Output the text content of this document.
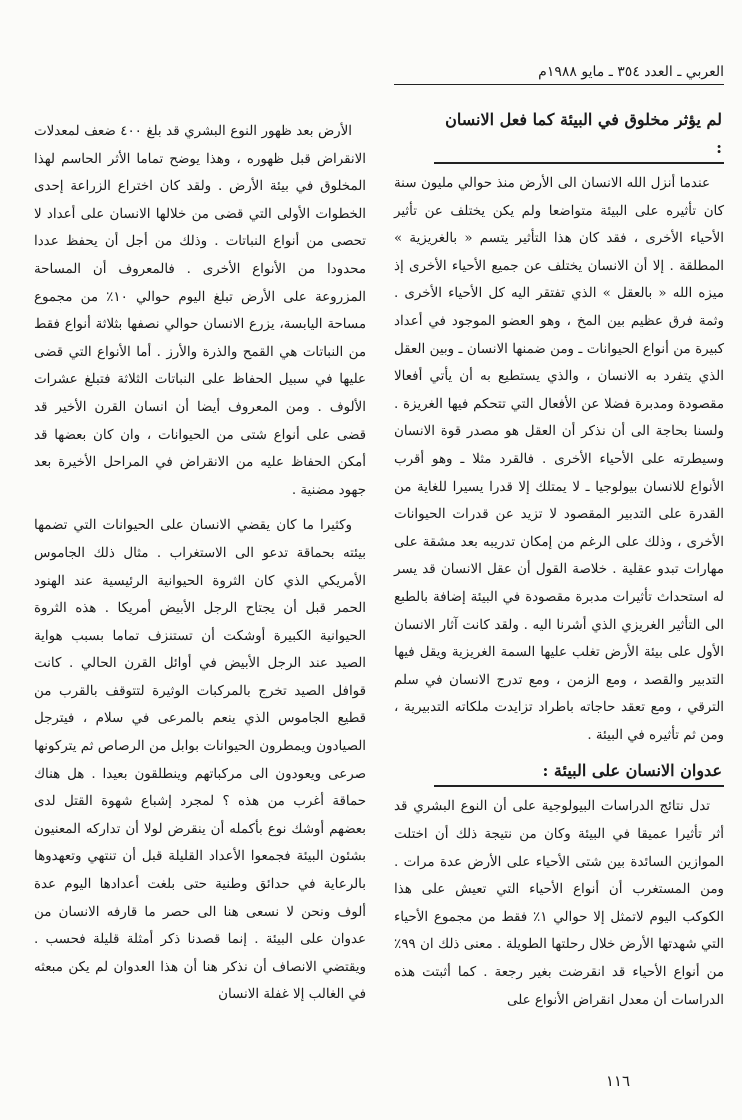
العربي ـ العدد ٣٥٤ ـ مايو ١٩٨٨م
لم يؤثر مخلوق في البيئة كما فعل الانسان :

عندما أنزل الله الانسان الى الأرض منذ حوالي مليون سنة كان تأثيره على البيئة متواضعا ولم يكن يختلف عن تأثير الأحياء الأخرى ، فقد كان هذا التأثير يتسم « بالغريزية » المطلقة . إلا أن الانسان يختلف عن جميع الأحياء الأخرى إذ ميزه الله « بالعقل » الذي تفتقر اليه كل الأحياء الأخرى . وثمة فرق عظيم بين المخ ، وهو العضو الموجود في أعداد كبيرة من أنواع الحيوانات ـ ومن ضمنها الانسان ـ وبين العقل الذي يتفرد به الانسان ، والذي يستطيع به أن يأتي أفعالا مقصودة ومدبرة فضلا عن الأفعال التي تتحكم فيها الغريزة . ولسنا بحاجة الى أن نذكر أن العقل هو مصدر قوة الانسان وسيطرته على الأحياء الأخرى . فالقرد مثلا ـ وهو أقرب الأنواع للانسان بيولوجيا ـ لا يمتلك إلا قدرا يسيرا للغاية من القدرة على التدبير المقصود لا تزيد عن قدرات الحيوانات الأخرى ، وذلك على الرغم من إمكان تدريبه بعد مشقة على مهارات تبدو عقلية . خلاصة القول أن عقل الانسان قد يسر له استحداث تأثيرات مدبرة مقصودة في البيئة إضافة بالطبع الى التأثير الغريزي الذي أشرنا اليه . ولقد كانت آثار الانسان الأول على بيئة الأرض تغلب عليها السمة الغريزية ويقل فيها التدبير والقصد ، ومع الزمن ، ومع تدرج الانسان في سلم الترقي ، ومع تعقد حاجاته باطراد تزايدت ملكاته التدبيرية ، ومن ثم تأثيره في البيئة .

عدوان الانسان على البيئة :

تدل نتائج الدراسات البيولوجية على أن النوع البشري قد أثر تأثيرا عميقا في البيئة وكان من نتيجة ذلك أن اختلت الموازين السائدة بين شتى الأحياء على الأرض عدة مرات . ومن المستغرب أن أنواع الأحياء التي تعيش على هذا الكوكب اليوم لاتمثل إلا حوالي ١٪ فقط من مجموع الأحياء التي شهدتها الأرض خلال رحلتها الطويلة . معنى ذلك ان ٩٩٪ من أنواع الأحياء قد انقرضت بغير رجعة . كما أثبتت هذه الدراسات أن معدل انقراض الأنواع على

الأرض بعد ظهور النوع البشري قد بلغ ٤٠٠ ضعف لمعدلات الانقراض قبل ظهوره ، وهذا يوضح تماما الأثر الحاسم لهذا المخلوق في بيئة الأرض . ولقد كان اختراع الزراعة إحدى الخطوات الأولى التي قضى من خلالها الانسان على أعداد لا تحصى من أنواع النباتات . وذلك من أجل أن يحفظ عددا محدودا من الأنواع الأخرى . فالمعروف أن المساحة المزروعة على الأرض تبلغ اليوم حوالي ١٠٪ من مجموع مساحة اليابسة، يزرع الانسان حوالي نصفها بثلاثة أنواع فقط من النباتات هي القمح والذرة والأرز . أما الأنواع التي قضى عليها في سبيل الحفاظ على النباتات الثلاثة فتبلغ عشرات الألوف . ومن المعروف أيضا أن انسان القرن الأخير قد قضى على أنواع شتى من الحيوانات ، وان كان بعضها قد أمكن الحفاظ عليه من الانقراض في المراحل الأخيرة بعد جهود مضنية .

وكثيرا ما كان يقضي الانسان على الحيوانات التي تضمها بيئته بحماقة تدعو الى الاستغراب . مثال ذلك الجاموس الأمريكي الذي كان الثروة الحيوانية الرئيسية عند الهنود الحمر قبل أن يجتاح الرجل الأبيض أمريكا . هذه الثروة الحيوانية الكبيرة أوشكت أن تستنزف تماما بسبب هواية الصيد عند الرجل الأبيض في أوائل القرن الحالي . كانت قوافل الصيد تخرج بالمركبات الوثيرة لتتوقف بالقرب من قطيع الجاموس الذي ينعم بالمرعى في سلام ، فيترجل الصيادون ويمطرون الحيوانات بوابل من الرصاص ثم يتركونها صرعى ويعودون الى مركباتهم وينطلقون بعيدا . هل هناك حماقة أغرب من هذه ؟ لمجرد إشباع شهوة القتل لدى بعضهم أوشك نوع بأكمله أن ينقرض لولا أن تداركه المعنيون بشئون البيئة فجمعوا الأعداد القليلة قبل أن تنتهي وتعهدوها بالرعاية في حدائق وطنية حتى بلغت أعدادها اليوم عدة ألوف ونحن لا نسعى هنا الى حصر ما قارفه الانسان من عدوان على البيئة . إنما قصدنا ذكر أمثلة قليلة فحسب . ويقتضي الانصاف أن نذكر هنا أن هذا العدوان لم يكن مبعثه في الغالب إلا غفلة الانسان

١١٦
